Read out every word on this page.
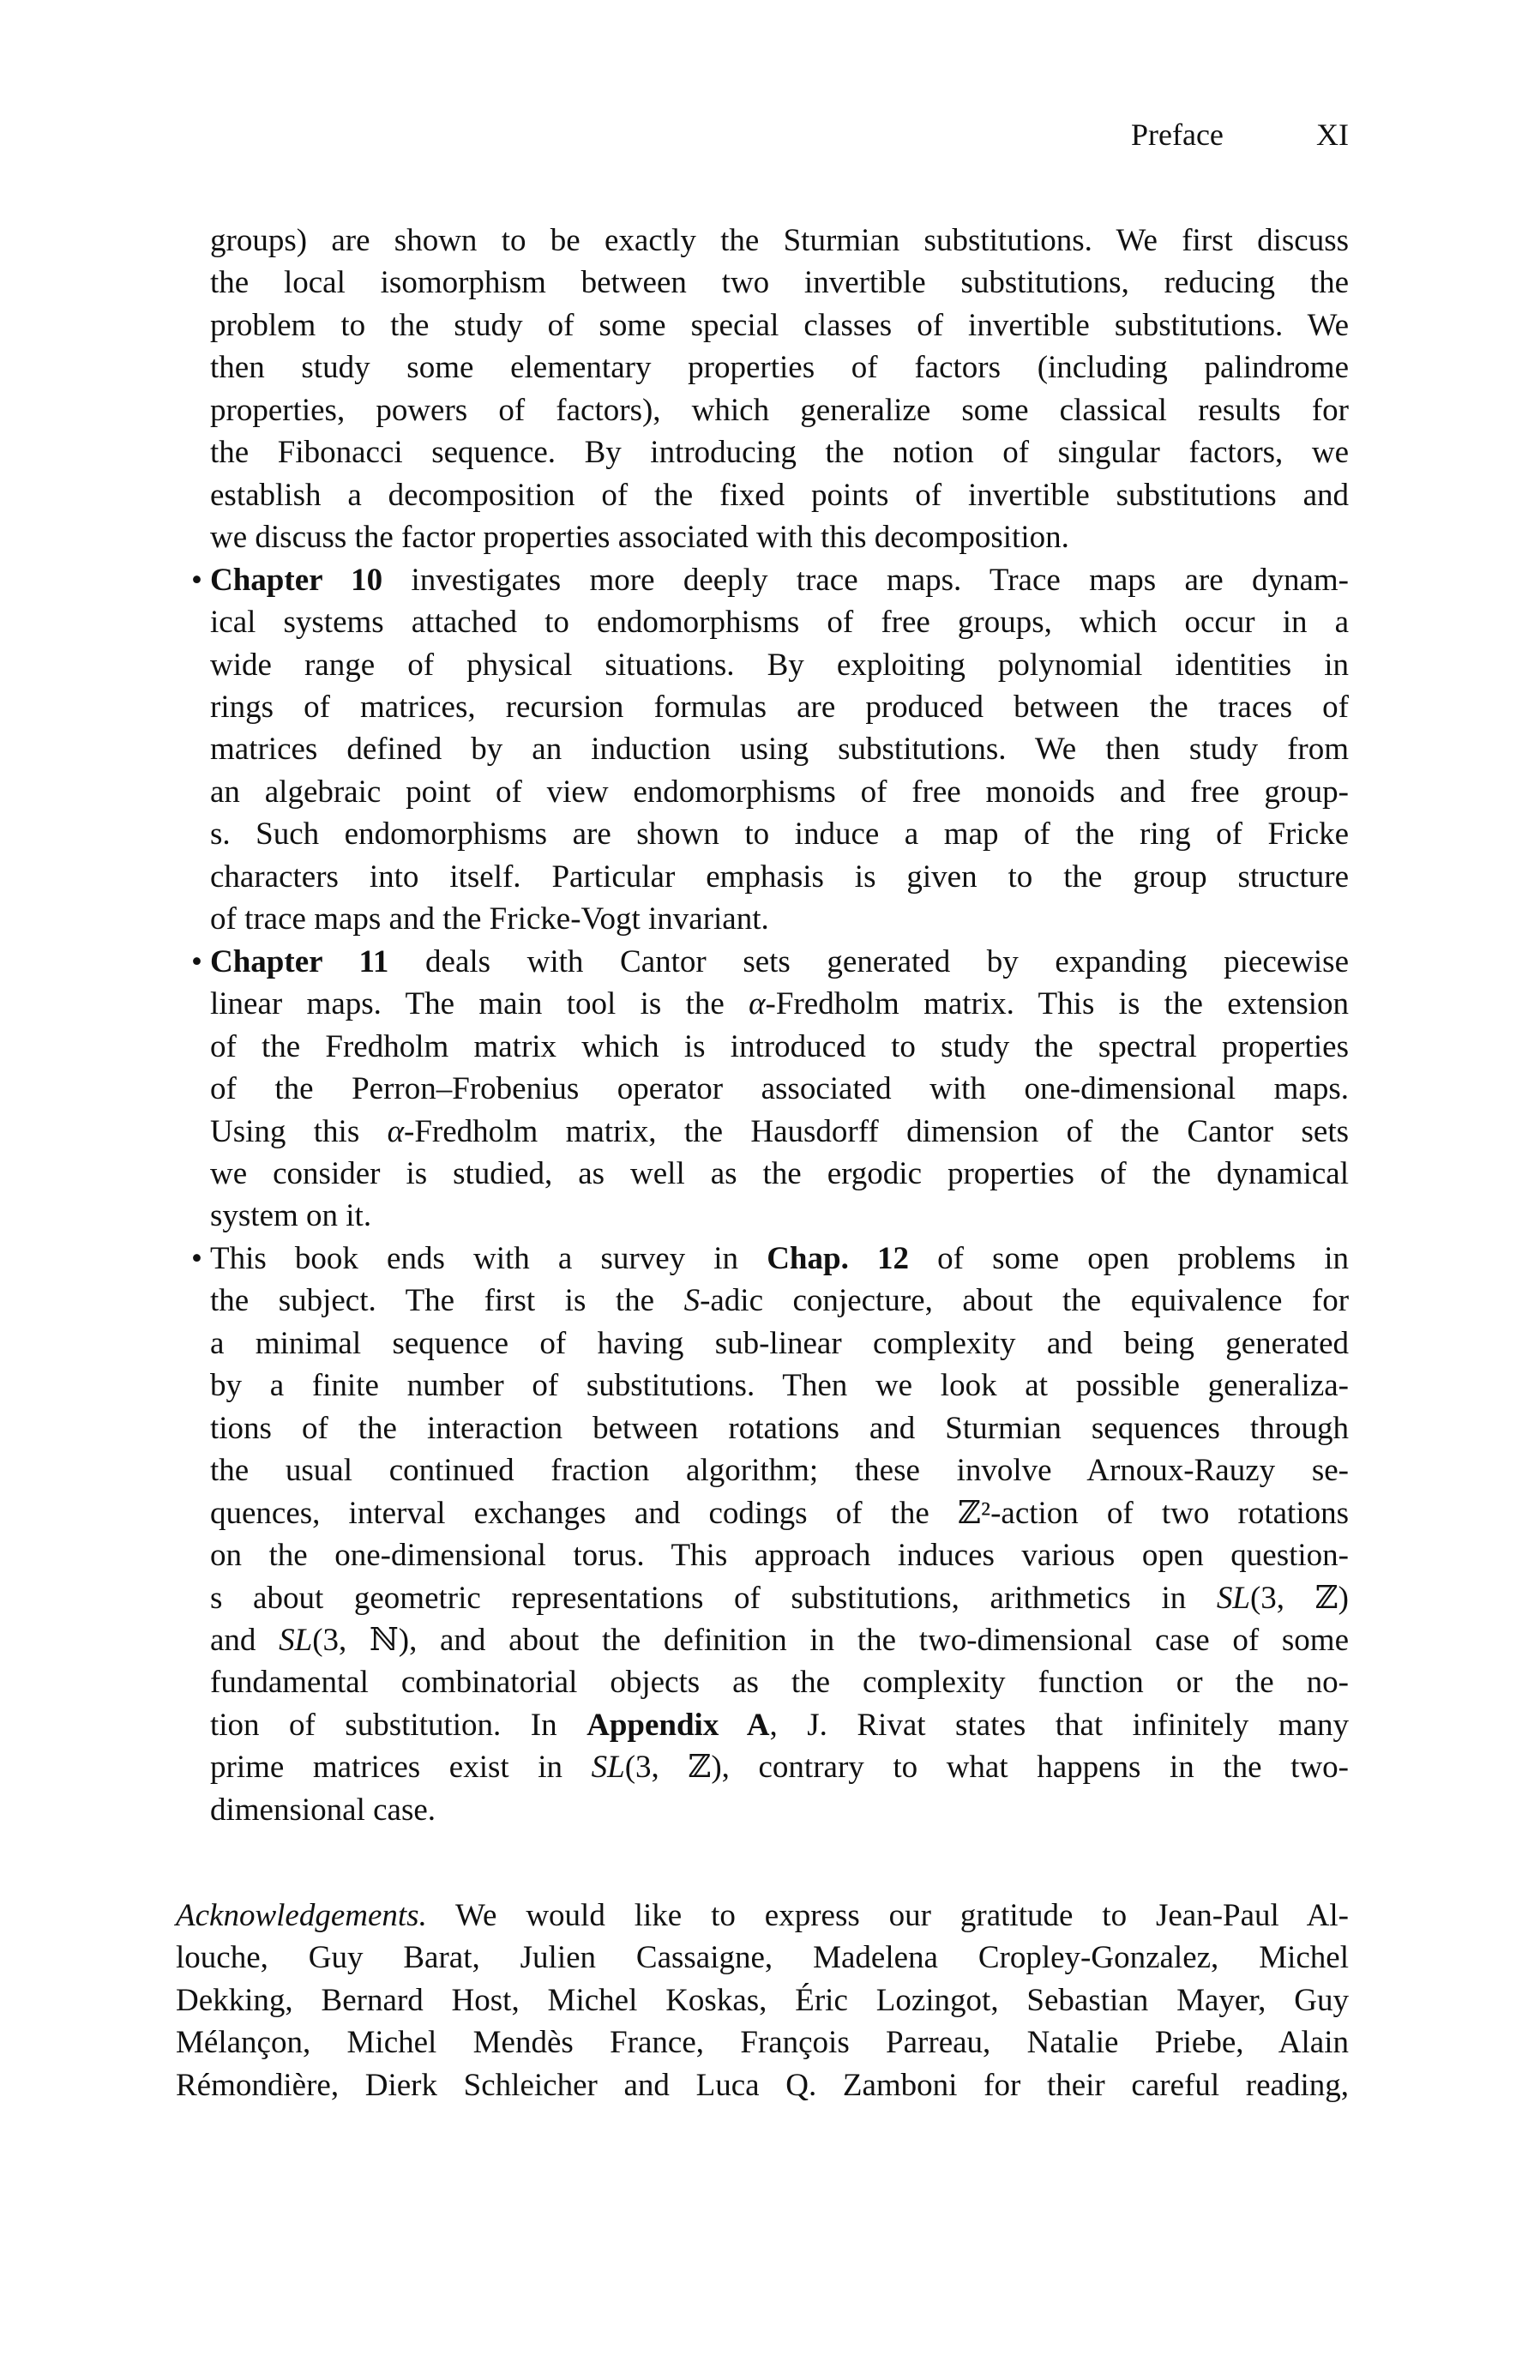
Preface	XI
groups) are shown to be exactly the Sturmian substitutions. We first discuss
the local isomorphism between two invertible substitutions, reducing the
problem to the study of some special classes of invertible substitutions. We
then study some elementary properties of factors (including palindrome
properties, powers of factors), which generalize some classical results for
the Fibonacci sequence. By introducing the notion of singular factors, we
establish a decomposition of the fixed points of invertible substitutions and
we discuss the factor properties associated with this decomposition.
• Chapter 10 investigates more deeply trace maps. Trace maps are dynam-
ical systems attached to endomorphisms of free groups, which occur in a
wide range of physical situations. By exploiting polynomial identities in
rings of matrices, recursion formulas are produced between the traces of
matrices defined by an induction using substitutions. We then study from
an algebraic point of view endomorphisms of free monoids and free group-
s. Such endomorphisms are shown to induce a map of the ring of Fricke
characters into itself. Particular emphasis is given to the group structure
of trace maps and the Fricke-Vogt invariant.
• Chapter 11 deals with Cantor sets generated by expanding piecewise
linear maps. The main tool is the α-Fredholm matrix. This is the extension
of the Fredholm matrix which is introduced to study the spectral properties
of the Perron–Frobenius operator associated with one-dimensional maps.
Using this α-Fredholm matrix, the Hausdorff dimension of the Cantor sets
we consider is studied, as well as the ergodic properties of the dynamical
system on it.
• This book ends with a survey in Chap. 12 of some open problems in
the subject. The first is the S-adic conjecture, about the equivalence for
a minimal sequence of having sub-linear complexity and being generated
by a finite number of substitutions. Then we look at possible generaliza-
tions of the interaction between rotations and Sturmian sequences through
the usual continued fraction algorithm; these involve Arnoux-Rauzy se-
quences, interval exchanges and codings of the ℤ²-action of two rotations
on the one-dimensional torus. This approach induces various open question-
s about geometric representations of substitutions, arithmetics in SL(3, ℤ)
and SL(3, ℕ), and about the definition in the two-dimensional case of some
fundamental combinatorial objects as the complexity function or the no-
tion of substitution. In Appendix A, J. Rivat states that infinitely many
prime matrices exist in SL(3, ℤ), contrary to what happens in the two-
dimensional case.
Acknowledgements. We would like to express our gratitude to Jean-Paul Al-
louche, Guy Barat, Julien Cassaigne, Madelena Cropley-Gonzalez, Michel
Dekking, Bernard Host, Michel Koskas, Éric Lozingot, Sebastian Mayer, Guy
Mélançon, Michel Mendès France, François Parreau, Natalie Priebe, Alain
Rémondière, Dierk Schleicher and Luca Q. Zamboni for their careful reading,
